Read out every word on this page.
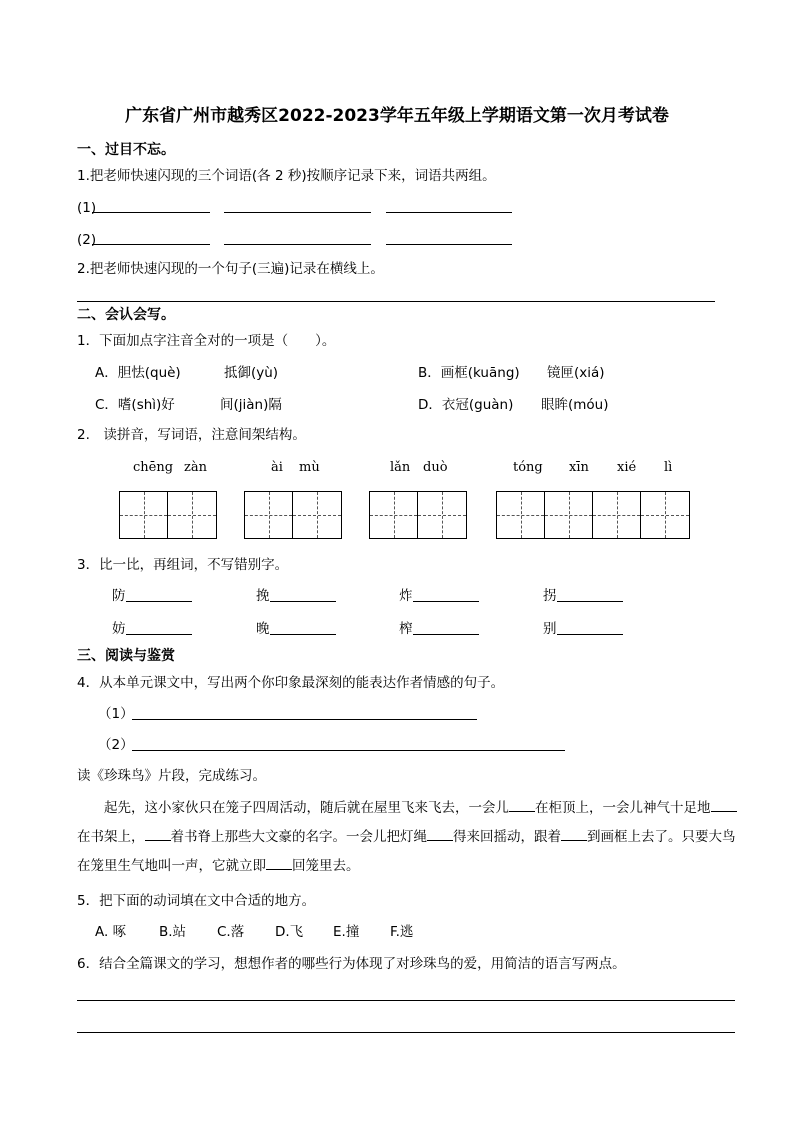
广东省广州市越秀区2022-2023学年五年级上学期语文第一次月考试卷
一、过目不忘。
1.把老师快速闪现的三个词语(各 2 秒)按顺序记录下来，词语共两组。
(1)
(2)
2.把老师快速闪现的一个句子(三遍)记录在横线上。
二、会认会写。
1．下面加点字注音全对的一项是（　　）。
A．胆怯(què)	抵御(yù)	B．画框(kuāng) 镜匣(xiá)
C．嗜(shì)好	间(jiàn)隔	D．衣冠(guàn) 眼眸(móu)
2.　读拼音，写词语，注意间架结构。
chēng zàn	ài mù	lǎn duò	tóng xīn xié lì
3．比一比，再组词，不写错别字。
防	挽	炸	拐
妨	晚	榨	别
三、阅读与鉴赏
4．从本单元课文中，写出两个你印象最深刻的能表达作者情感的句子。
（1）
（2）
读《珍珠鸟》片段，完成练习。
起先，这小家伙只在笼子四周活动，随后就在屋里飞来飞去，一会儿 在柜顶上，一会儿神气十足地在书架上， 着书脊上那些大文豪的名字。一会儿把灯绳 得来回摇动，跟着 到画框上去了。只要大鸟在笼里生气地叫一声，它就立即 回笼里去。
5．把下面的动词填在文中合适的地方。
A. 啄 B.站 C.落 D.飞 E.撞 F.逃
6．结合全篇课文的学习，想想作者的哪些行为体现了对珍珠鸟的爱，用简洁的语言写两点。
